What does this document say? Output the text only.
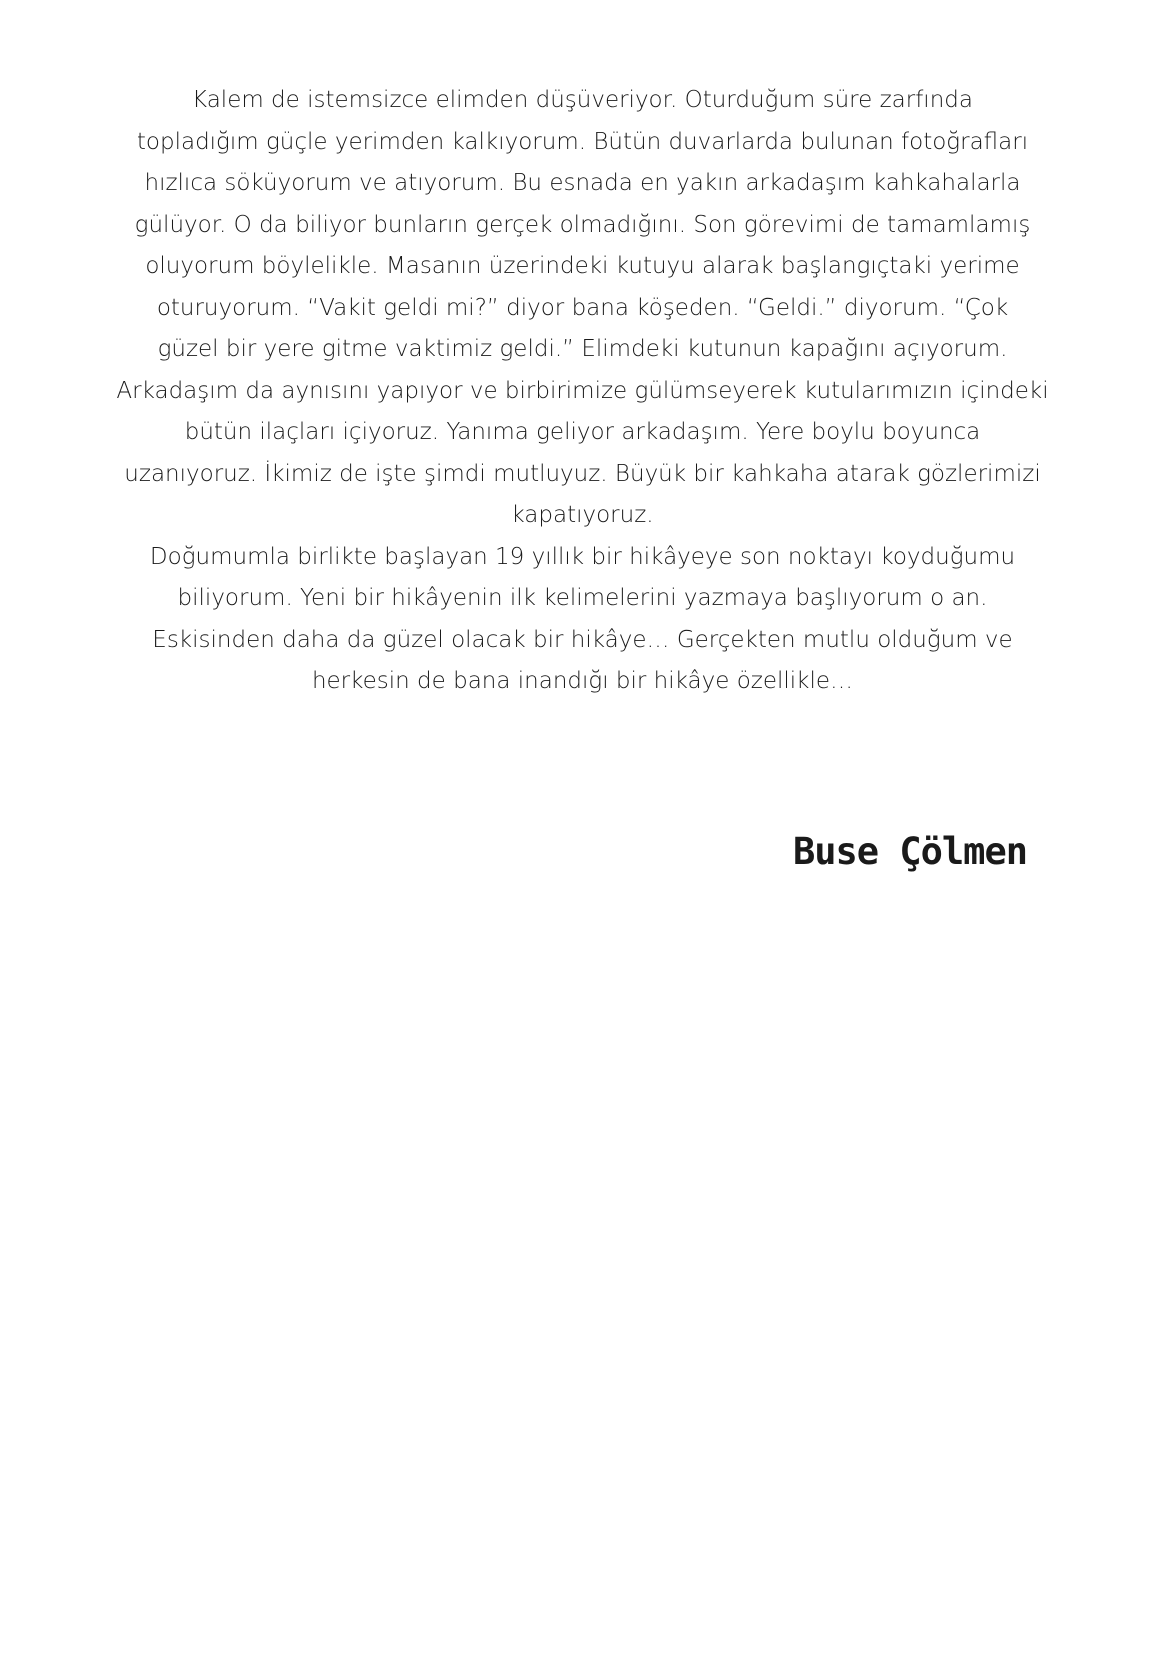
Kalem de istemsizce elimden düşüveriyor. Oturduğum süre zarfında
topladığım güçle yerimden kalkıyorum. Bütün duvarlarda bulunan fotoğrafları
hızlıca söküyorum ve atıyorum. Bu esnada en yakın arkadaşım kahkahalarla
gülüyor. O da biliyor bunların gerçek olmadığını. Son görevimi de tamamlamış
oluyorum böylelikle. Masanın üzerindeki kutuyu alarak başlangıçtaki yerime
oturuyorum. “Vakit geldi mi?” diyor bana köşeden. “Geldi.” diyorum. “Çok
güzel bir yere gitme vaktimiz geldi.” Elimdeki kutunun kapağını açıyorum.
Arkadaşım da aynısını yapıyor ve birbirimize gülümseyerek kutularımızın içindeki
bütün ilaçları içiyoruz. Yanıma geliyor arkadaşım. Yere boylu boyunca
uzanıyoruz. İkimiz de işte şimdi mutluyuz. Büyük bir kahkaha atarak gözlerimizi
kapatıyoruz.
Doğumumla birlikte başlayan 19 yıllık bir hikâyeye son noktayı koyduğumu
biliyorum. Yeni bir hikâyenin ilk kelimelerini yazmaya başlıyorum o an.
Eskisinden daha da güzel olacak bir hikâye… Gerçekten mutlu olduğum ve
herkesin de bana inandığı bir hikâye özellikle…
Buse Çölmen
